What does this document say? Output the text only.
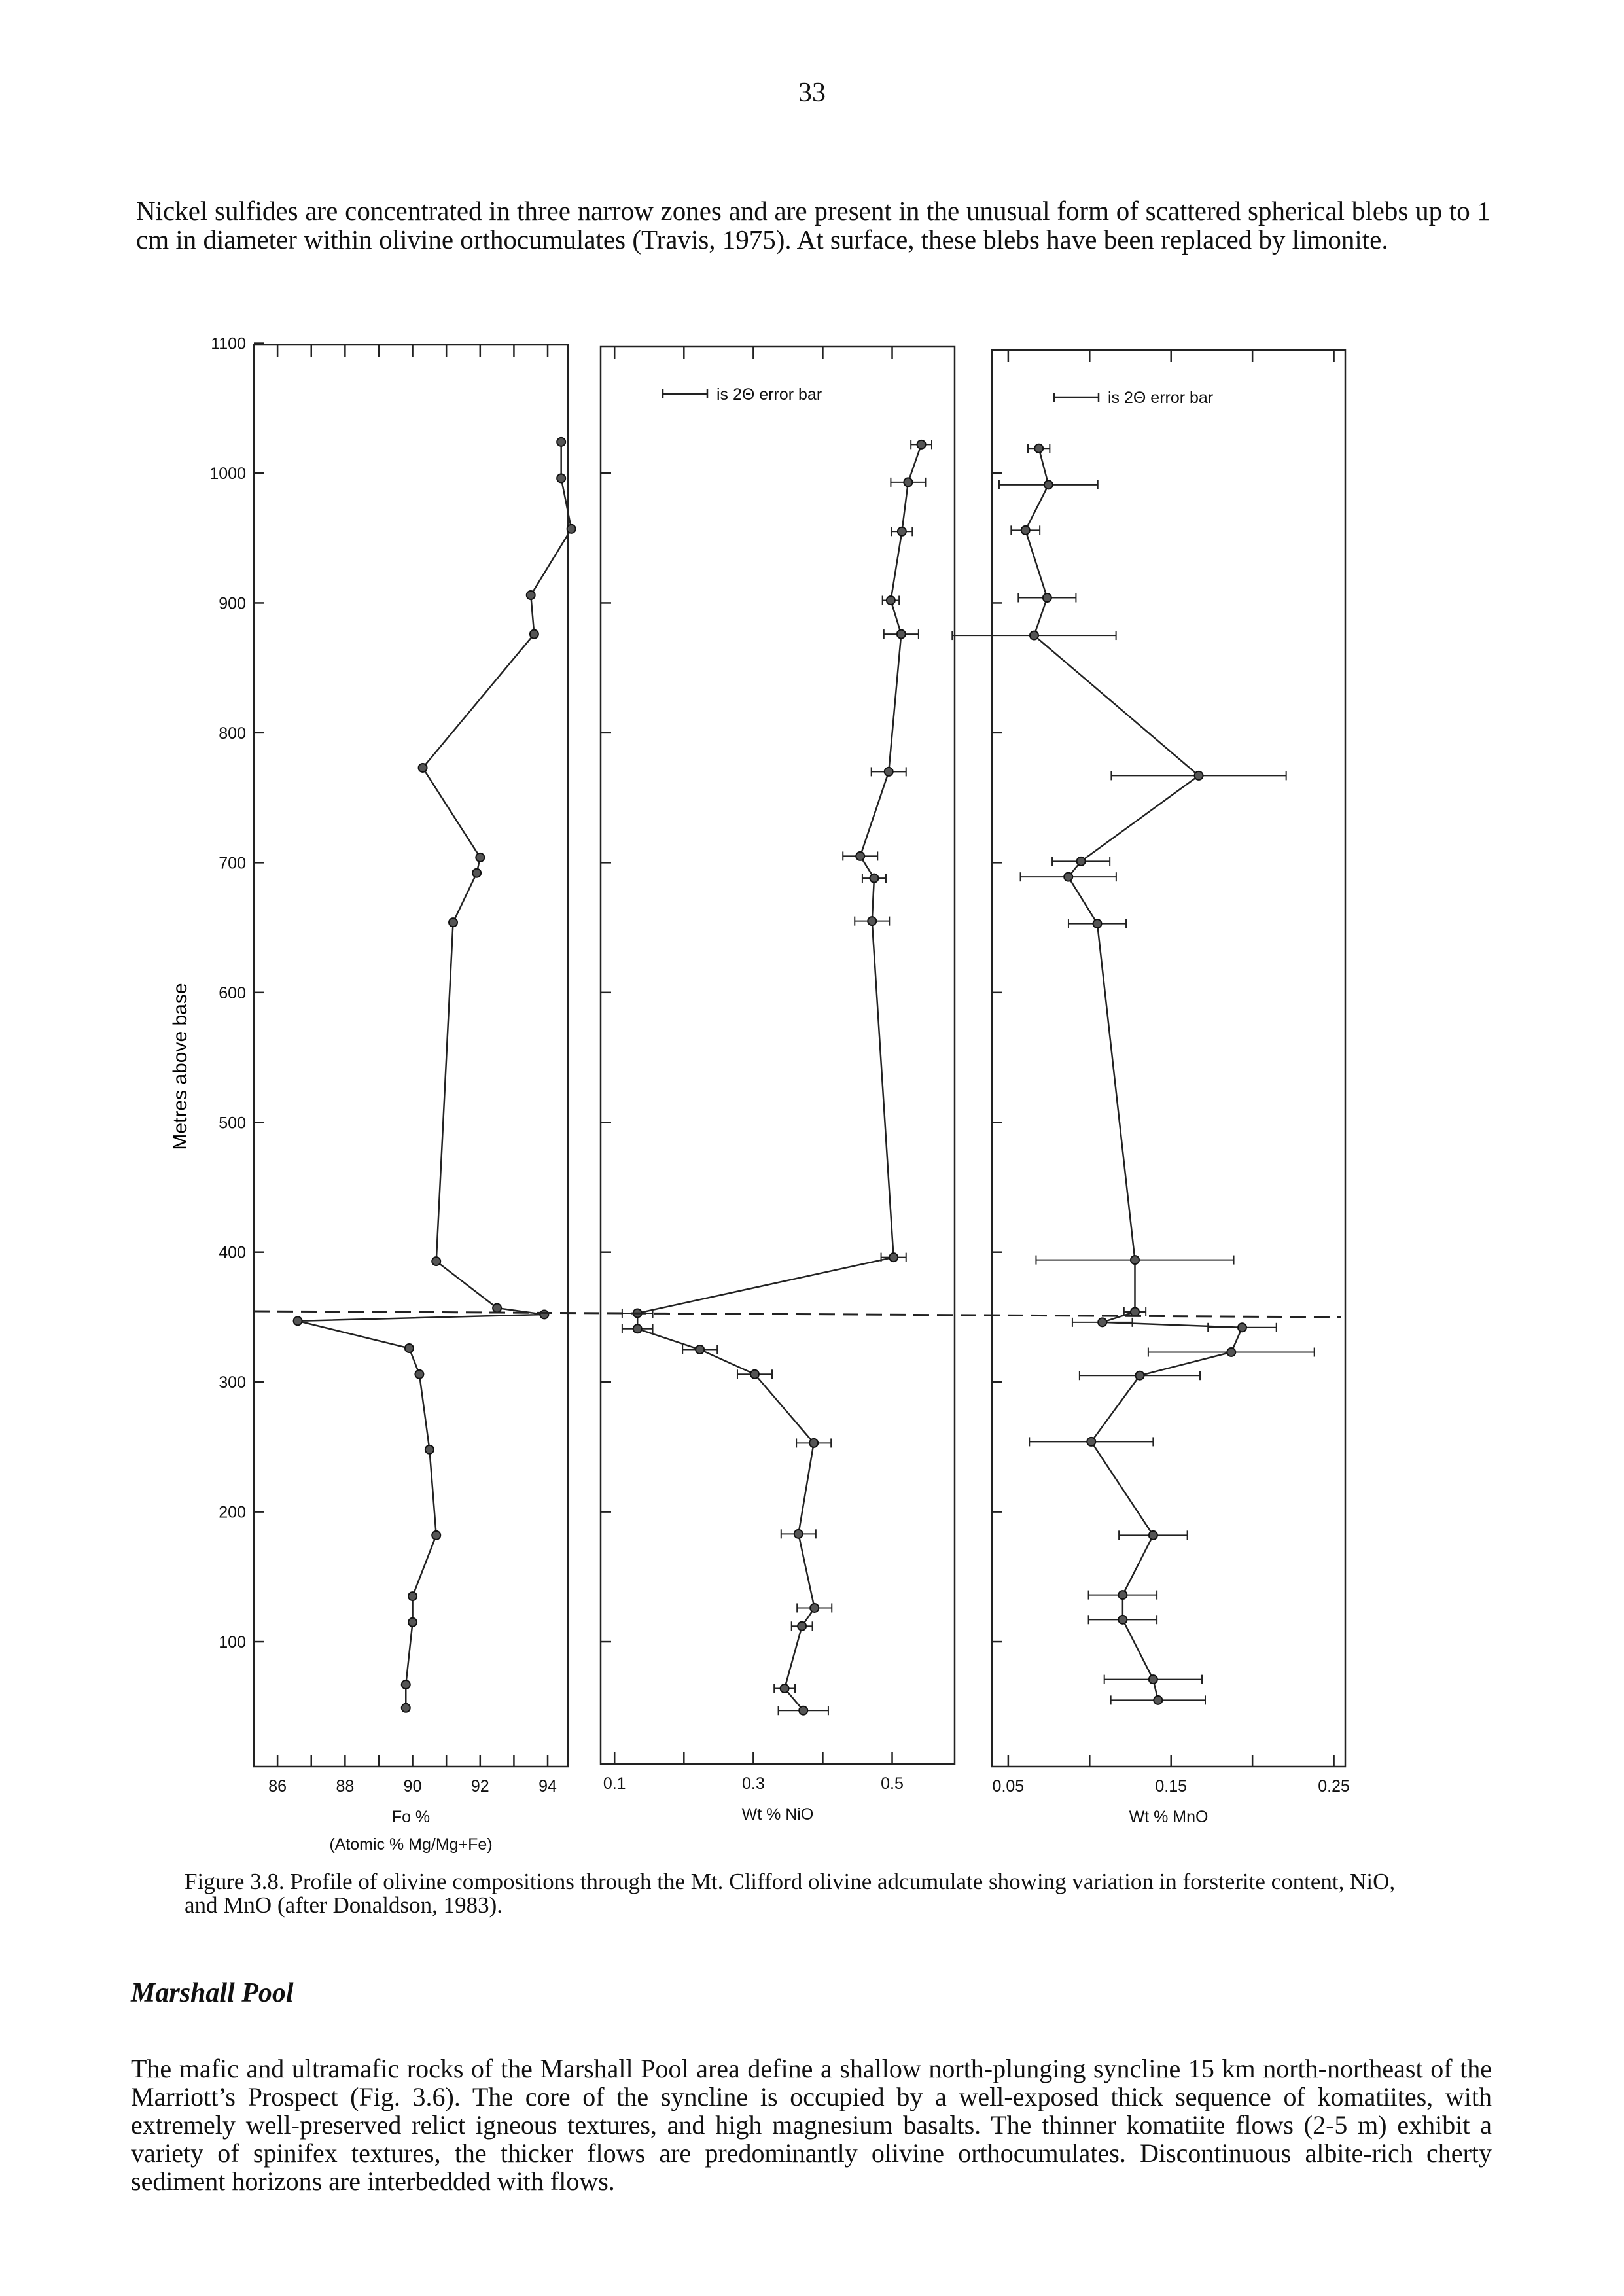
33
Nickel sulfides are concentrated in three narrow zones and are present in the unusual form of scattered spherical blebs up to 1 cm in diameter within olivine orthocumulates (Travis, 1975). At surface, these blebs have been replaced by limonite.
86	88	90	92	94
Fo %
(Atomic % Mg/Mg+Fe)
0.1	0.3	0.5
Wt % NiO
is 2Θ error bar
0.05	0.15	0.25
Wt % MnO
is 2Θ error bar
100
200
300
400
500
600
700
800
900
1000
1100
Metres above base
Figure 3.8. Profile of olivine compositions through the Mt. Clifford olivine adcumulate showing variation in forsterite content, NiO, and MnO (after Donaldson, 1983).
Marshall Pool
The mafic and ultramafic rocks of the Marshall Pool area define a shallow north-plunging syncline 15 km north-northeast of the Marriott’s Prospect (Fig. 3.6). The core of the syncline is occupied by a well-exposed thick sequence of komatiites, with extremely well-preserved relict igneous textures, and high magnesium basalts. The thinner komatiite flows (2-5 m) exhibit a variety of spinifex textures, the thicker flows are predominantly olivine orthocumulates. Discontinuous albite-rich cherty sediment horizons are interbedded with flows.
